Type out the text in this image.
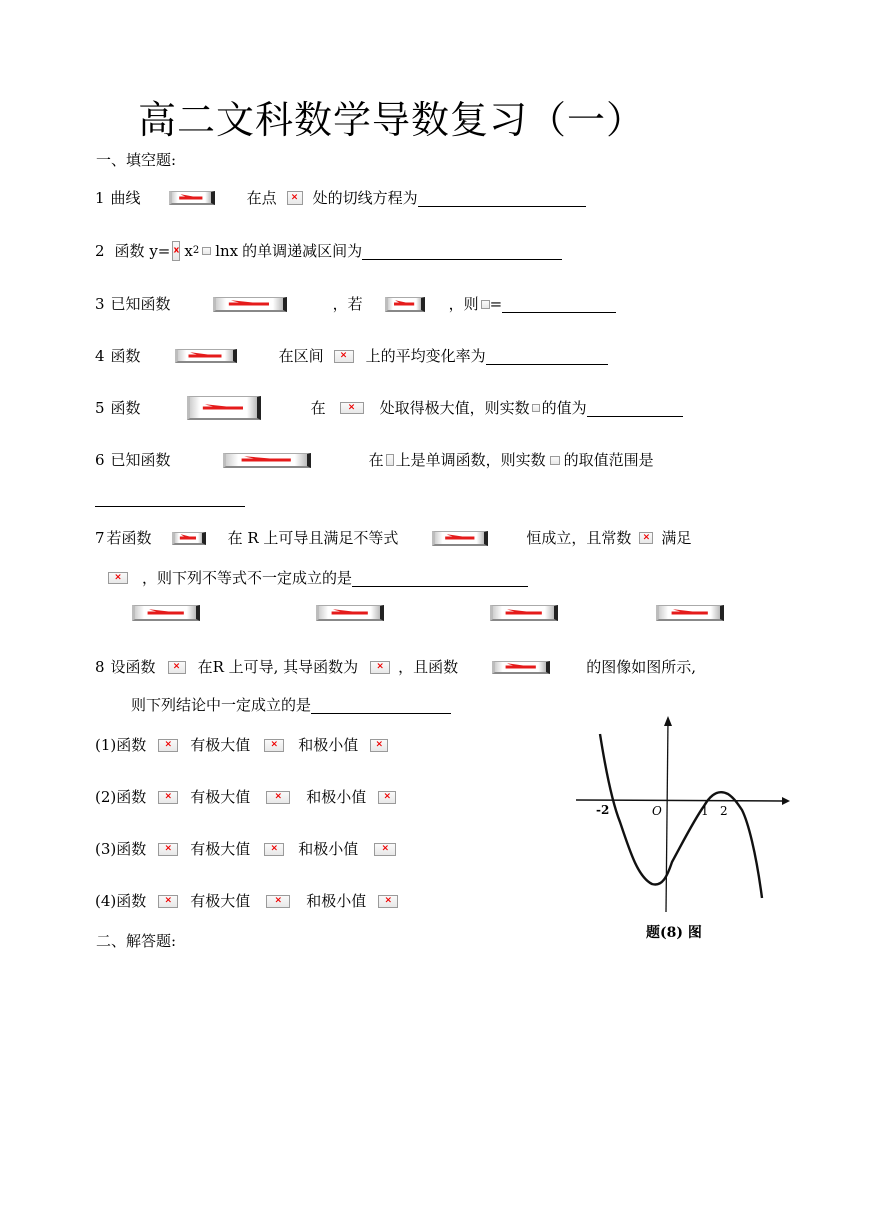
高二文科数学导数复习（一）
一、填空题:
1 曲线	在点 × 处的切线方程为
2 函数 y= x x 2 lnx 的单调递减区间为
3 已知函数	，若	，则 =
4 函数	在区间 × 上的平均变化率为
5 函数	在 × 处取得极大值，则实数 的值为
6 已知函数	在 上是单调函数，则实数 的取值范围是
7 若函数	在 R 上可导且满足不等式	恒成立，且常数 × 满足
× ，则下列不等式不一定成立的是
8 设函数 × 在R 上可导, 其导函数为 × ，且函数	的图像如图所示,
则下列结论中一定成立的是
(1)函数 × 有极大值 × 和极小值 ×
(2)函数 × 有极大值	× 和极小值 ×
(3)函数 × 有极大值 × 和极小值	×
(4)函数 × 有极大值	× 和极小值 ×
二、解答题:
-2	O	1 2
题(8) 图
